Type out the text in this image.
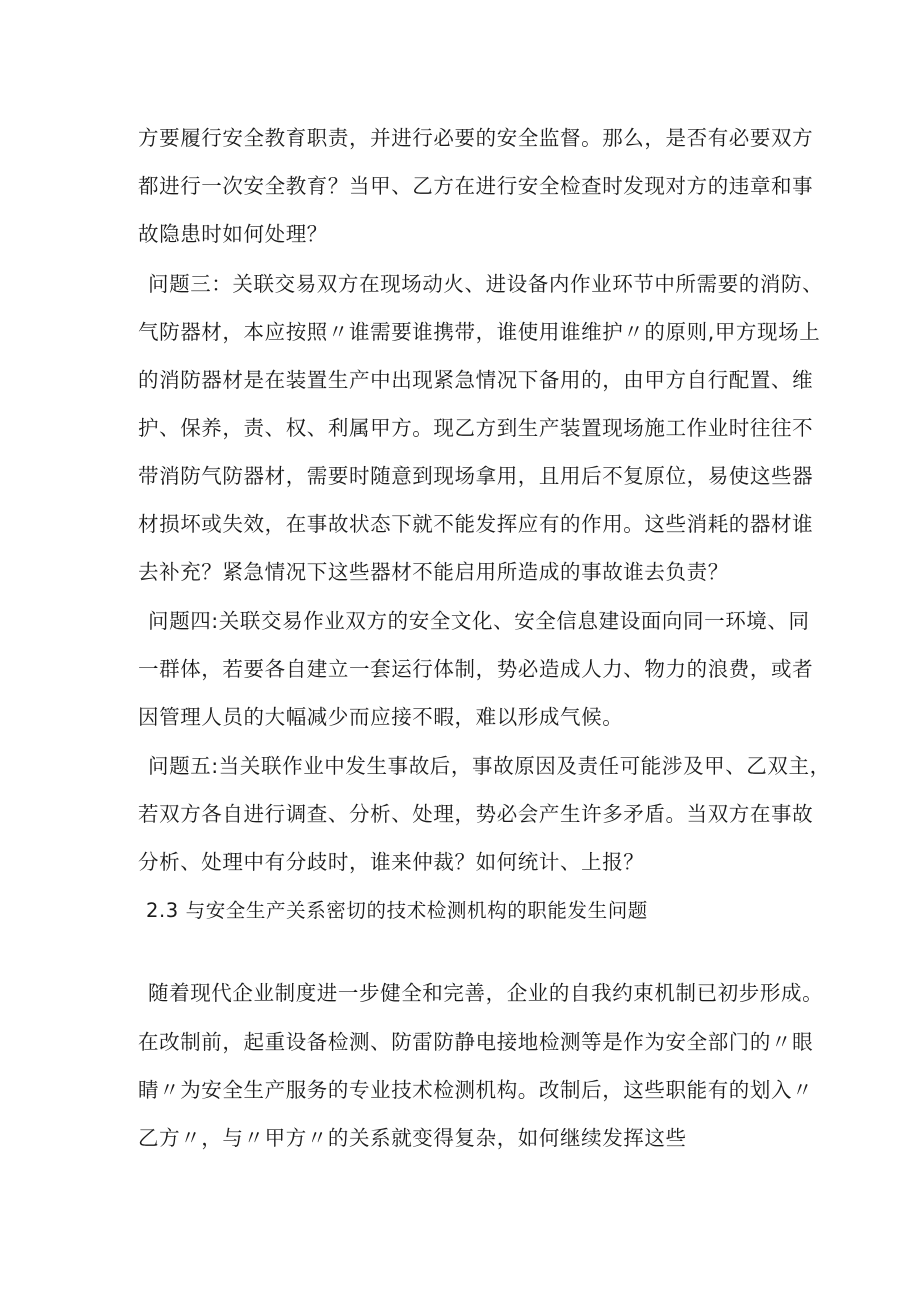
方要履行安全教育职责，并进行必要的安全监督。那么，是否有必要双方
都进行一次安全教育？当甲、乙方在进行安全检查时发现对方的违章和事
故隐患时如何处理？
问题三：关联交易双方在现场动火、进设备内作业环节中所需要的消防、
气防器材，本应按照〃谁需要谁携带，谁使用谁维护〃的原则,甲方现场上
的消防器材是在装置生产中出现紧急情况下备用的，由甲方自行配置、维
护、保养，责、权、利属甲方。现乙方到生产装置现场施工作业时往往不
带消防气防器材，需要时随意到现场拿用，且用后不复原位，易使这些器
材损坏或失效，在事故状态下就不能发挥应有的作用。这些消耗的器材谁
去补充？紧急情况下这些器材不能启用所造成的事故谁去负责？
问题四:关联交易作业双方的安全文化、安全信息建设面向同一环境、同
一群体，若要各自建立一套运行体制，势必造成人力、物力的浪费，或者
因管理人员的大幅减少而应接不暇，难以形成气候。
问题五:当关联作业中发生事故后，事故原因及责任可能涉及甲、乙双主，
若双方各自进行调查、分析、处理，势必会产生许多矛盾。当双方在事故
分析、处理中有分歧时，谁来仲裁？如何统计、上报？
2.3 与安全生产关系密切的技术检测机构的职能发生问题
随着现代企业制度进一步健全和完善，企业的自我约束机制已初步形成。
在改制前，起重设备检测、防雷防静电接地检测等是作为安全部门的〃眼
睛〃为安全生产服务的专业技术检测机构。改制后，这些职能有的划入〃
乙方〃，与〃甲方〃的关系就变得复杂，如何继续发挥这些
